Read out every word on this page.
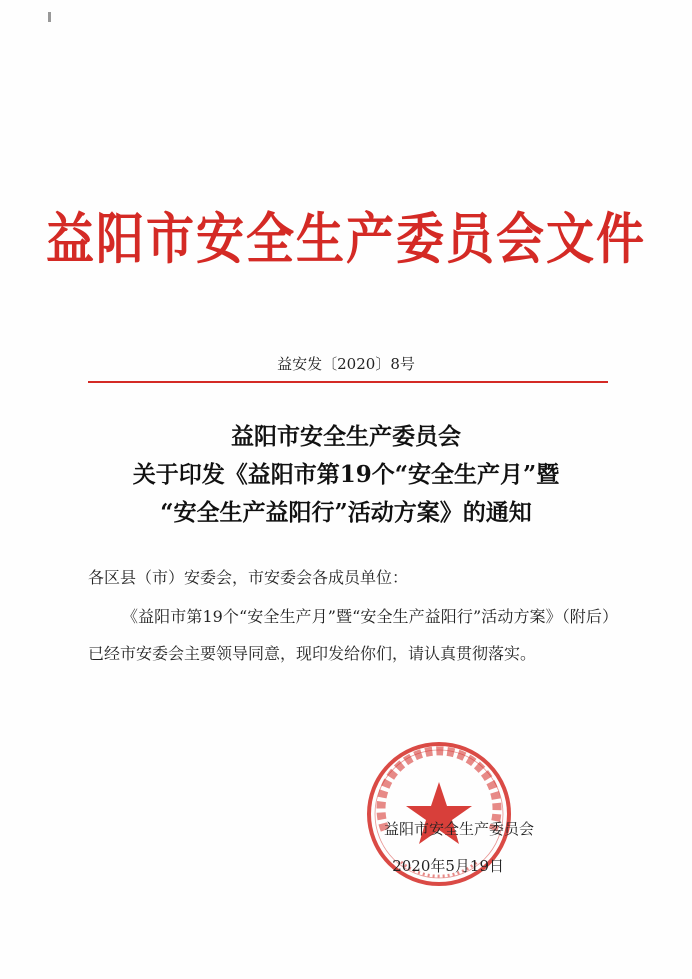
益阳市安全生产委员会文件
益安发〔2020〕8号
益阳市安全生产委员会
关于印发《益阳市第19个“安全生产月”暨
“安全生产益阳行”活动方案》的通知
各区县（市）安委会，市安委会各成员单位：
《益阳市第19个“安全生产月”暨“安全生产益阳行”活动方案》（附后）已经市安委会主要领导同意，现印发给你们，请认真贯彻落实。
益阳市安全生产委员会
2020年5月19日
